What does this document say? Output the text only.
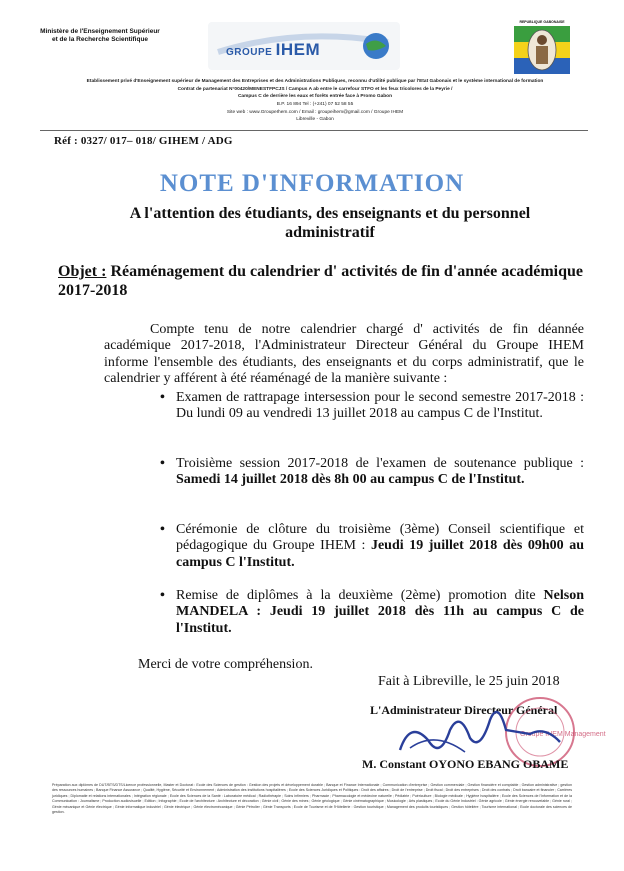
Ministère de l'Enseignement Supérieur
et de la Recherche Scientifique
GROUPE IHEM
REPUBLIQUE GABONAISE
Etablissement privé d'Enseignement supérieur de Management des Entreprises et des Administrations Publiques, reconnu d'utilité publique par l'Etat Gabonais et le système international de formation
Contrat de partenariat N°00420/MENESTFPCJS / Campus A ab entre le carrefour STFO et les feux tricolores de la Peyrie /
Campus C de derrière les eaux et forêts entrée face à Promo Gabon
B.P. 16 894 Tel : (+241) 07 52 58 55
Site web : www.GroupeIhem.com / Email : groupeihem@gmail.com / Groupe IHEM
Libreville - Gabon
Réf : 0327/ 017– 018/ GIHEM / ADG
NOTE D'INFORMATION
A l'attention des étudiants, des enseignants et du personnel administratif
Objet : Réaménagement du calendrier d' activités de fin d'année académique 2017-2018
Compte tenu de notre calendrier chargé d' activités de fin déannée académique 2017-2018, l'Administrateur Directeur Général du Groupe IHEM informe l'ensemble des étudiants, des enseignants et du corps administratif, que le calendrier y afférent à été réaménagé de la manière suivante :
• Examen de rattrapage intersession pour le second semestre 2017-2018 : Du lundi 09 au vendredi 13 juillet 2018 au campus C de l'Institut.
• Troisième session 2017-2018 de l'examen de soutenance publique : Samedi 14 juillet 2018 dès 8h 00 au campus C de l'Institut.
• Cérémonie de clôture du troisième (3ème) Conseil scientifique et pédagogique du Groupe IHEM : Jeudi 19 juillet 2018 dès 09h00 au campus C l'Institut.
• Remise de diplômes à la deuxième (2ème) promotion dite Nelson MANDELA : Jeudi 19 juillet 2018 dès 11h au campus C de l'Institut.
Merci de votre compréhension.
Fait à Libreville, le 25 juin 2018
L'Administrateur Directeur Général
Groupe IHEM Management
M. Constant OYONO EBANG OBAME
Préparation aux diplômes de DUT/BTS/DTS/Licence professionnelle, Master et Doctorat : Ecole des Sciences de gestion : Gestion des projets et développement durable ; Banque et Finance Internationale ; Communication d'entreprise ; Gestion commerciale ; Gestion financière et comptable ; Gestion administrative ; gestion des ressources humaines ; Banque Finance Assurance ; Qualité, Hygiène, Sécurité et Environnement ; Administration des institutions hospitalières ; Ecole des Sciences Juridiques et Politiques : Droit des affaires ; Droit de l'entreprise ; Droit fiscal ; Droit des entreprises ; Droit des contrats ; Droit bancaire et financier ; Carrières juridiques ; Diplomatie et relations internationales ; Intégration régionale ; Ecole des Sciences de la Santé : Laboratoire médical ; Radiothérapie ; Soins infirmiers ; Pharmacie ; Pharmacologie et médecine naturelle ; Pédiatrie ; Puériculture ; Biologie médicale ; Hygiène hospitalière ; Ecole des Sciences de l'Information et de la Communication : Journalisme ; Production audiovisuelle ; Edition ; Infographie ; Ecole de l'architecture : Architecture et décoration ; Génie civil ; Génie des mines ; Génie géologique ; Génie cinématographique ; Musicologie ; Arts plastiques ; Ecole du Génie Industriel : Génie agricole ; Génie énergie renouvelable ; Génie rural ; Génie mécanique et Génie électrique ; Génie informatique industriel ; Génie électrique ; Génie électromécanique ; Génie Pétrolier ; Génie Transports ; Ecole de Tourisme et de l'Hôtellerie : Gestion touristique ; Management des produits touristiques ; Gestion hôtelière ; Tourisme international ; Ecole doctorale des sciences de gestion.
